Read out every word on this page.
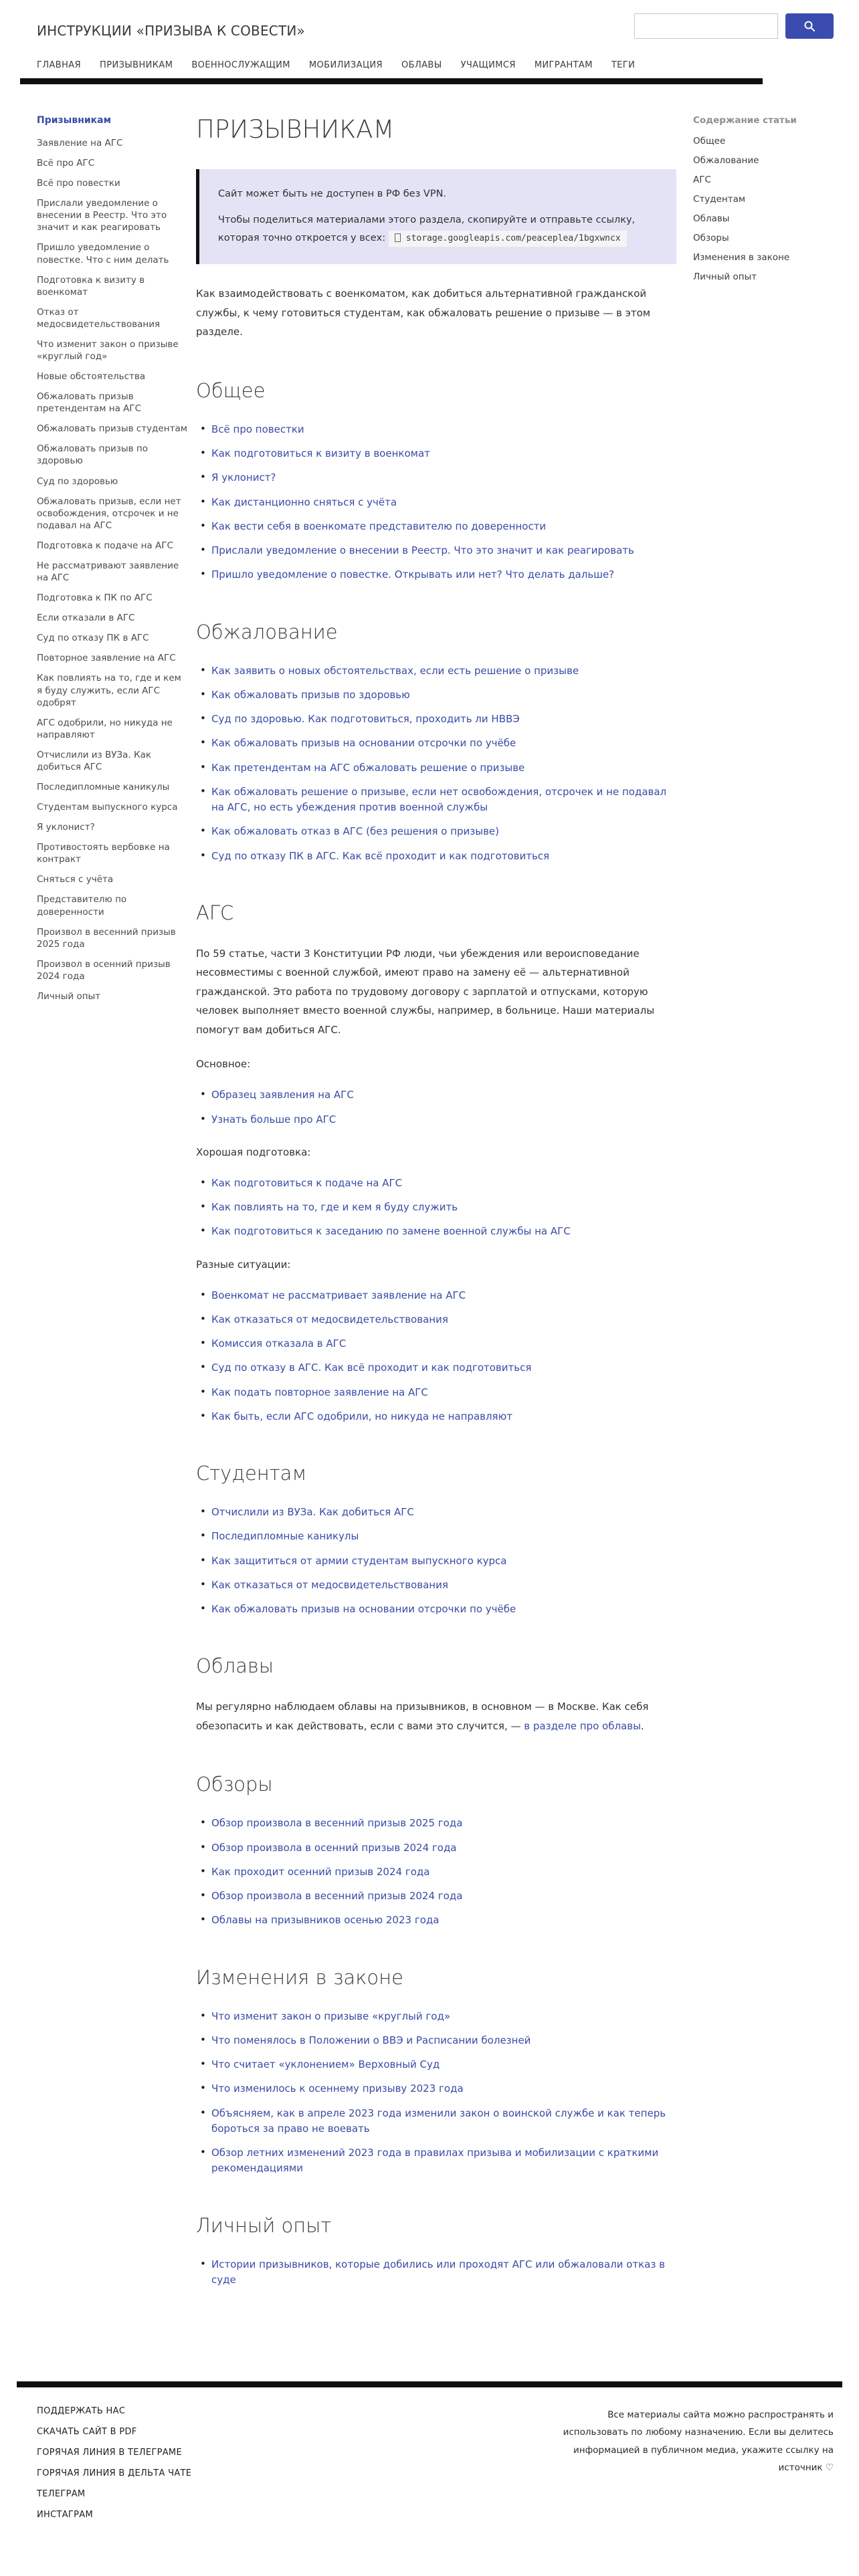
ИНСТРУКЦИИ «ПРИЗЫВА К СОВЕСТИ»
ГЛАВНАЯ ПРИЗЫВНИКАМ ВОЕННОСЛУЖАЩИМ МОБИЛИЗАЦИЯ ОБЛАВЫ УЧАЩИМСЯ МИГРАНТАМ ТЕГИ
Призывникам
Заявление на АГС
Всё про АГС
Всё про повестки
Прислали уведомление о внесении в Реестр. Что это значит и как реагировать
Пришло уведомление о повестке. Что с ним делать
Подготовка к визиту в военкомат
Отказ от медосвидетельствования
Что изменит закон о призыве «круглый год»
Новые обстоятельства
Обжаловать призыв претендентам на АГС
Обжаловать призыв студентам
Обжаловать призыв по здоровью
Суд по здоровью
Обжаловать призыв, если нет освобождения, отсрочек и не подавал на АГС
Подготовка к подаче на АГС
Не рассматривают заявление на АГС
Подготовка к ПК по АГС
Если отказали в АГС
Суд по отказу ПК в АГС
Повторное заявление на АГС
Как повлиять на то, где и кем я буду служить, если АГС одобрят
АГС одобрили, но никуда не направляют
Отчислили из ВУЗа. Как добиться АГС
Последипломные каникулы
Студентам выпускного курса
Я уклонист?
Противостоять вербовке на контракт
Сняться с учёта
Представителю по доверенности
Произвол в весенний призыв 2025 года
Произвол в осенний призыв 2024 года
Личный опыт
ПРИЗЫВНИКАМ

Сайт может быть не доступен в РФ без VPN.

Чтобы поделиться материалами этого раздела, скопируйте и отправьте ссылку, которая точно откроется у всех: storage.googleapis.com/peaceplea/1bgxwncx

Как взаимодействовать с военкоматом, как добиться альтернативной гражданской службы, к чему готовиться студентам, как обжаловать решение о призыве — в этом разделе.

Общее
• Всё про повестки
• Как подготовиться к визиту в военкомат
• Я уклонист?
• Как дистанционно сняться с учёта
• Как вести себя в военкомате представителю по доверенности
• Прислали уведомление о внесении в Реестр. Что это значит и как реагировать
• Пришло уведомление о повестке. Открывать или нет? Что делать дальше?
Обжалование
• Как заявить о новых обстоятельствах, если есть решение о призыве
• Как обжаловать призыв по здоровью
• Суд по здоровью. Как подготовиться, проходить ли НВВЭ
• Как обжаловать призыв на основании отсрочки по учёбе
• Как претендентам на АГС обжаловать решение о призыве
• Как обжаловать решение о призыве, если нет освобождения, отсрочек и не подавал на АГС, но есть убеждения против военной службы
• Как обжаловать отказ в АГС (без решения о призыве)
• Суд по отказу ПК в АГС. Как всё проходит и как подготовиться
АГС

По 59 статье, части 3 Конституции РФ люди, чьи убеждения или вероисповедание несовместимы с военной службой, имеют право на замену её — альтернативной гражданской. Это работа по трудовому договору с зарплатой и отпусками, которую человек выполняет вместо военной службы, например, в больнице. Наши материалы помогут вам добиться АГС.

Основное:

• Образец заявления на АГС
• Узнать больше про АГС

Хорошая подготовка:

• Как подготовиться к подаче на АГС
• Как повлиять на то, где и кем я буду служить
• Как подготовиться к заседанию по замене военной службы на АГС

Разные ситуации:

• Военкомат не рассматривает заявление на АГС
• Как отказаться от медосвидетельствования
• Комиссия отказала в АГС
• Суд по отказу в АГС. Как всё проходит и как подготовиться
• Как подать повторное заявление на АГС
• Как быть, если АГС одобрили, но никуда не направляют
Студентам
• Отчислили из ВУЗа. Как добиться АГС
• Последипломные каникулы
• Как защититься от армии студентам выпускного курса
• Как отказаться от медосвидетельствования
• Как обжаловать призыв на основании отсрочки по учёбе
Облавы

Мы регулярно наблюдаем облавы на призывников, в основном — в Москве. Как себя обезопасить и как действовать, если с вами это случится, — в разделе про облавы.

Обзоры
• Обзор произвола в весенний призыв 2025 года
• Обзор произвола в осенний призыв 2024 года
• Как проходит осенний призыв 2024 года
• Обзор произвола в весенний призыв 2024 года
• Облавы на призывников осенью 2023 года
Изменения в законе
• Что изменит закон о призыве «круглый год»
• Что поменялось в Положении о ВВЭ и Расписании болезней
• Что считает «уклонением» Верховный Суд
• Что изменилось к осеннему призыву 2023 года
• Объясняем, как в апреле 2023 года изменили закон о воинской службе и как теперь бороться за право не воевать
• Обзор летних изменений 2023 года в правилах призыва и мобилизации с краткими рекомендациями
Личный опыт
• Истории призывников, которые добились или проходят АГС или обжаловали отказ в суде
Содержание статьи
Общее
Обжалование
АГС
Студентам
Облавы
Обзоры
Изменения в законе
Личный опыт
ПОДДЕРЖАТЬ НАС
СКАЧАТЬ САЙТ В PDF
ГОРЯЧАЯ ЛИНИЯ В ТЕЛЕГРАМЕ
ГОРЯЧАЯ ЛИНИЯ В ДЕЛЬТА ЧАТЕ
ТЕЛЕГРАМ
ИНСТАГРАМ
Все материалы сайта можно распространять и использовать по любому назначению. Если вы делитесь информацией в публичном медиа, укажите ссылку на источник ♡
